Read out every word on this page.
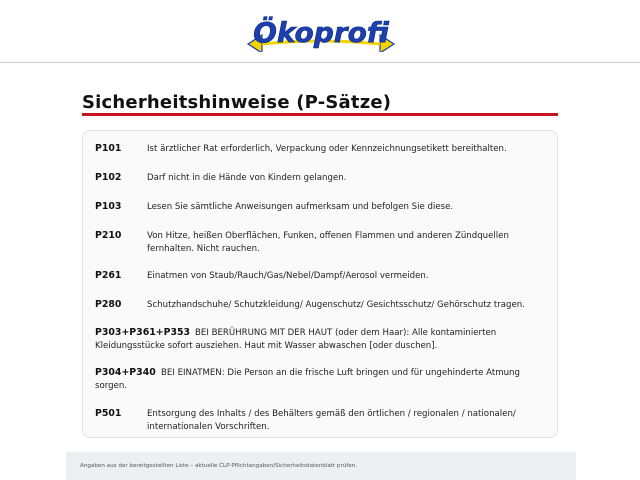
Ökoprofi
Sicherheitshinweise (P-Sätze)
P101	Ist ärztlicher Rat erforderlich, Verpackung oder Kennzeichnungsetikett bereithalten.
P102	Darf nicht in die Hände von Kindern gelangen.
P103	Lesen Sie sämtliche Anweisungen aufmerksam und befolgen Sie diese.
P210	Von Hitze, heißen Oberflächen, Funken, offenen Flammen und anderen Zündquellen fernhalten. Nicht rauchen.
P261	Einatmen von Staub/Rauch/Gas/Nebel/Dampf/Aerosol vermeiden.
P280	Schutzhandschuhe/ Schutzkleidung/ Augenschutz/ Gesichtsschutz/ Gehörschutz tragen.
P303+P361+P353 BEI BERÜHRUNG MIT DER HAUT (oder dem Haar): Alle kontaminierten Kleidungsstücke sofort ausziehen. Haut mit Wasser abwaschen [oder duschen].
P304+P340 BEI EINATMEN: Die Person an die frische Luft bringen und für ungehinderte Atmung sorgen.
P501	Entsorgung des Inhalts / des Behälters gemäß den örtlichen / regionalen / nationalen/ internationalen Vorschriften.
Angaben aus der bereitgestellten Liste – aktuelle CLP-Pflichtangaben/Sicherheitsdatenblatt prüfen.
